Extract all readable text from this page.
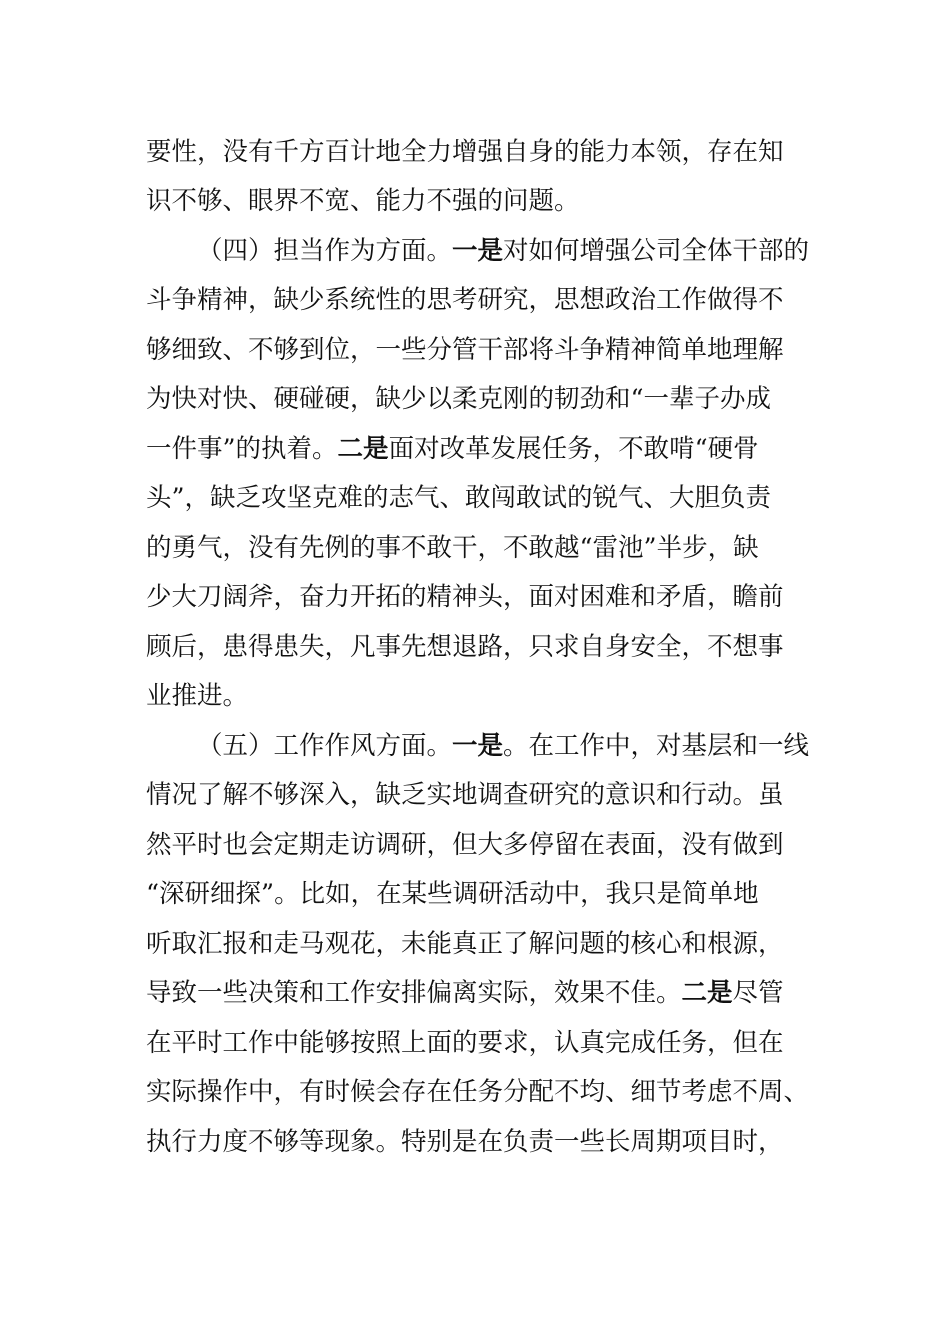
要性，没有千方百计地全力增强自身的能力本领，存在知
识不够、眼界不宽、能力不强的问题。
（四）担当作为方面。一是对如何增强公司全体干部的
斗争精神，缺少系统性的思考研究，思想政治工作做得不
够细致、不够到位，一些分管干部将斗争精神简单地理解
为快对快、硬碰硬，缺少以柔克刚的韧劲和“一辈子办成
一件事”的执着。二是面对改革发展任务，不敢啃“硬骨
头”，缺乏攻坚克难的志气、敢闯敢试的锐气、大胆负责
的勇气，没有先例的事不敢干，不敢越“雷池”半步，缺
少大刀阔斧，奋力开拓的精神头，面对困难和矛盾，瞻前
顾后，患得患失，凡事先想退路，只求自身安全，不想事
业推进。
（五）工作作风方面。一是。在工作中，对基层和一线
情况了解不够深入，缺乏实地调查研究的意识和行动。虽
然平时也会定期走访调研，但大多停留在表面，没有做到
“深研细探”。比如，在某些调研活动中，我只是简单地
听取汇报和走马观花，未能真正了解问题的核心和根源，
导致一些决策和工作安排偏离实际，效果不佳。二是尽管
在平时工作中能够按照上面的要求，认真完成任务，但在
实际操作中，有时候会存在任务分配不均、细节考虑不周、
执行力度不够等现象。特别是在负责一些长周期项目时，
